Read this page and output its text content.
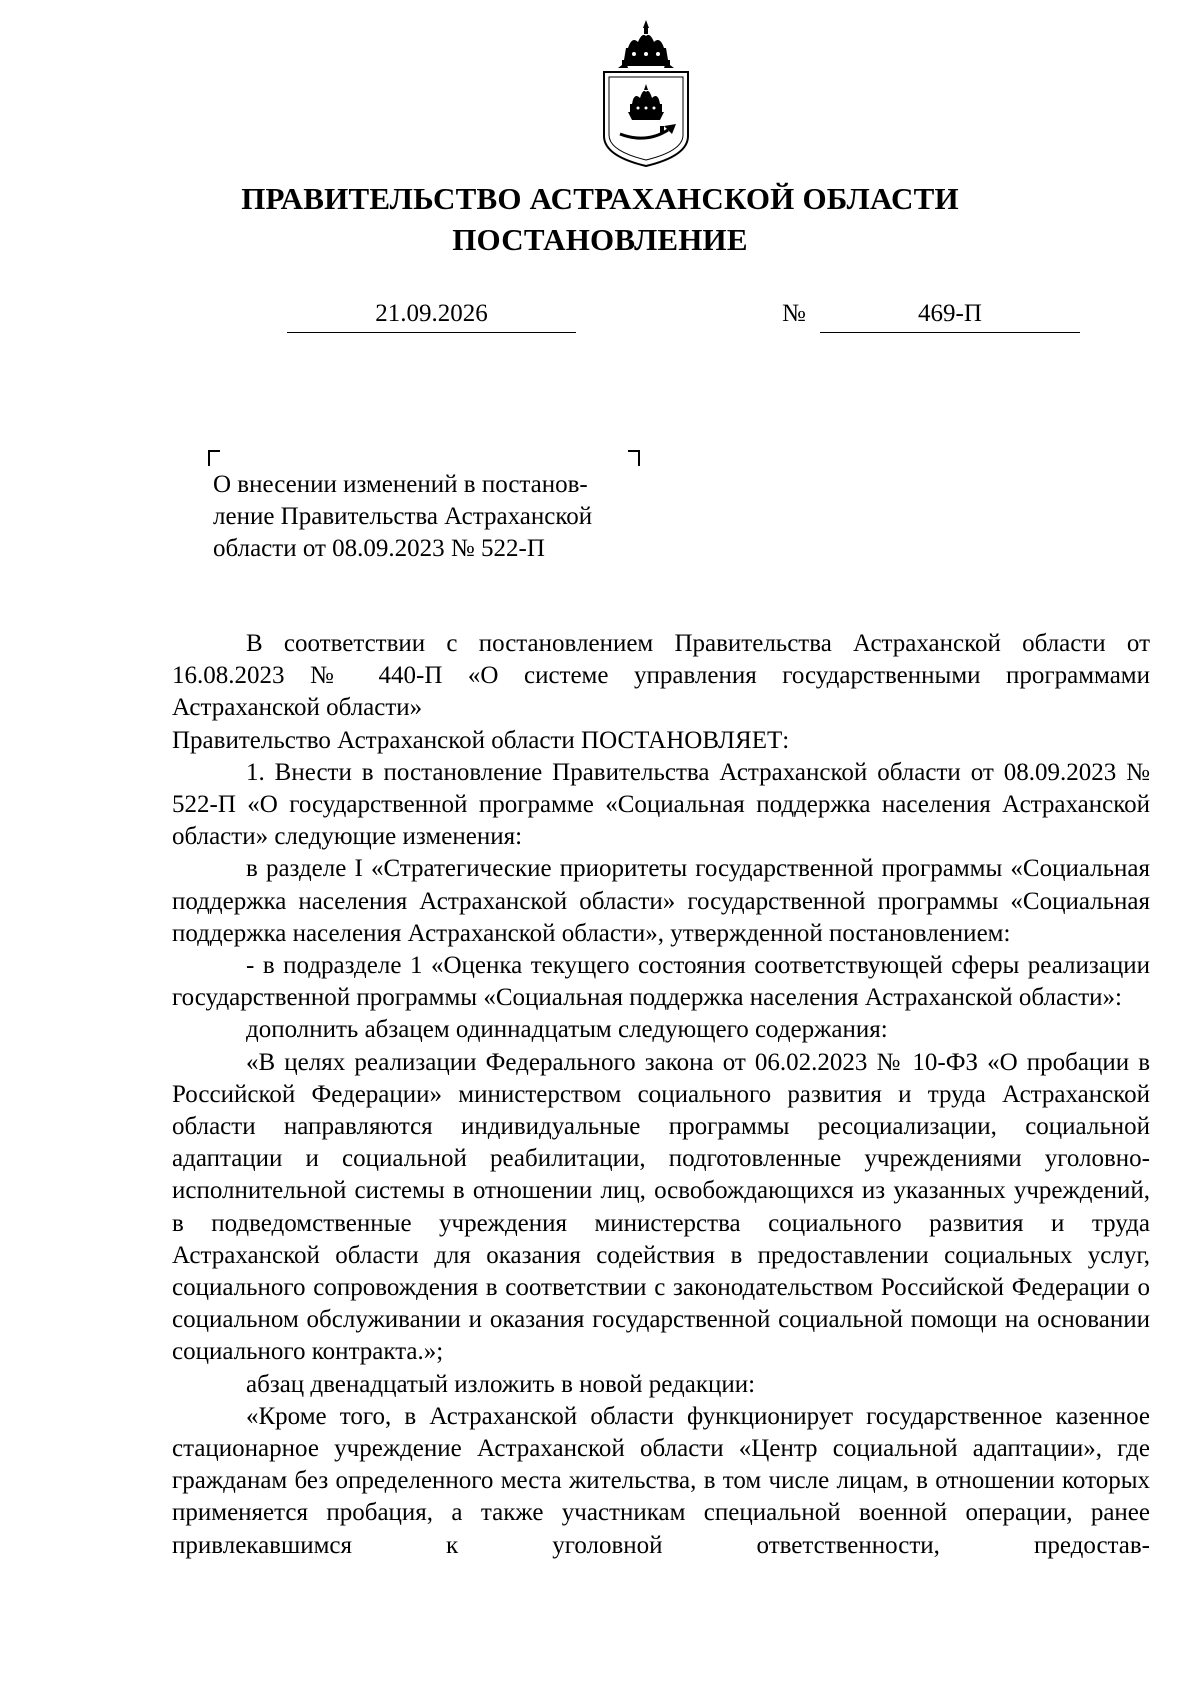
ПРАВИТЕЛЬСТВО АСТРАХАНСКОЙ ОБЛАСТИ
ПОСТАНОВЛЕНИЕ
21.09.2026	№	469-П
О внесении изменений в постанов-
ление Правительства Астраханской
области от 08.09.2023 № 522-П

В соответствии с постановлением Правительства Астраханской области от 16.08.2023 № 440-П «О системе управления государственными программами Астраханской области»

Правительство Астраханской области ПОСТАНОВЛЯЕТ:

1. Внести в постановление Правительства Астраханской области от 08.09.2023 № 522-П «О государственной программе «Социальная поддержка населения Астраханской области» следующие изменения:

в разделе I «Стратегические приоритеты государственной программы «Социальная поддержка населения Астраханской области» государственной программы «Социальная поддержка населения Астраханской области», утвержденной постановлением:

- в подразделе 1 «Оценка текущего состояния соответствующей сферы реализации государственной программы «Социальная поддержка населения Астраханской области»:

дополнить абзацем одиннадцатым следующего содержания:

«В целях реализации Федерального закона от 06.02.2023 № 10-ФЗ «О пробации в Российской Федерации» министерством социального развития и труда Астраханской области направляются индивидуальные программы ресоциализации, социальной адаптации и социальной реабилитации, подготовленные учреждениями уголовно-исполнительной системы в отношении лиц, освобождающихся из указанных учреждений, в подведомственные учреждения министерства социального развития и труда Астраханской области для оказания содействия в предоставлении социальных услуг, социального сопровождения в соответствии с законодательством Российской Федерации о социальном обслуживании и оказания государственной социальной помощи на основании социального контракта.»;

абзац двенадцатый изложить в новой редакции:

«Кроме того, в Астраханской области функционирует государственное казенное стационарное учреждение Астраханской области «Центр социальной адаптации», где гражданам без определенного места жительства, в том числе лицам, в отношении которых применяется пробация, а также участникам специальной военной операции, ранее привлекавшимся к уголовной ответственности, предостав-
